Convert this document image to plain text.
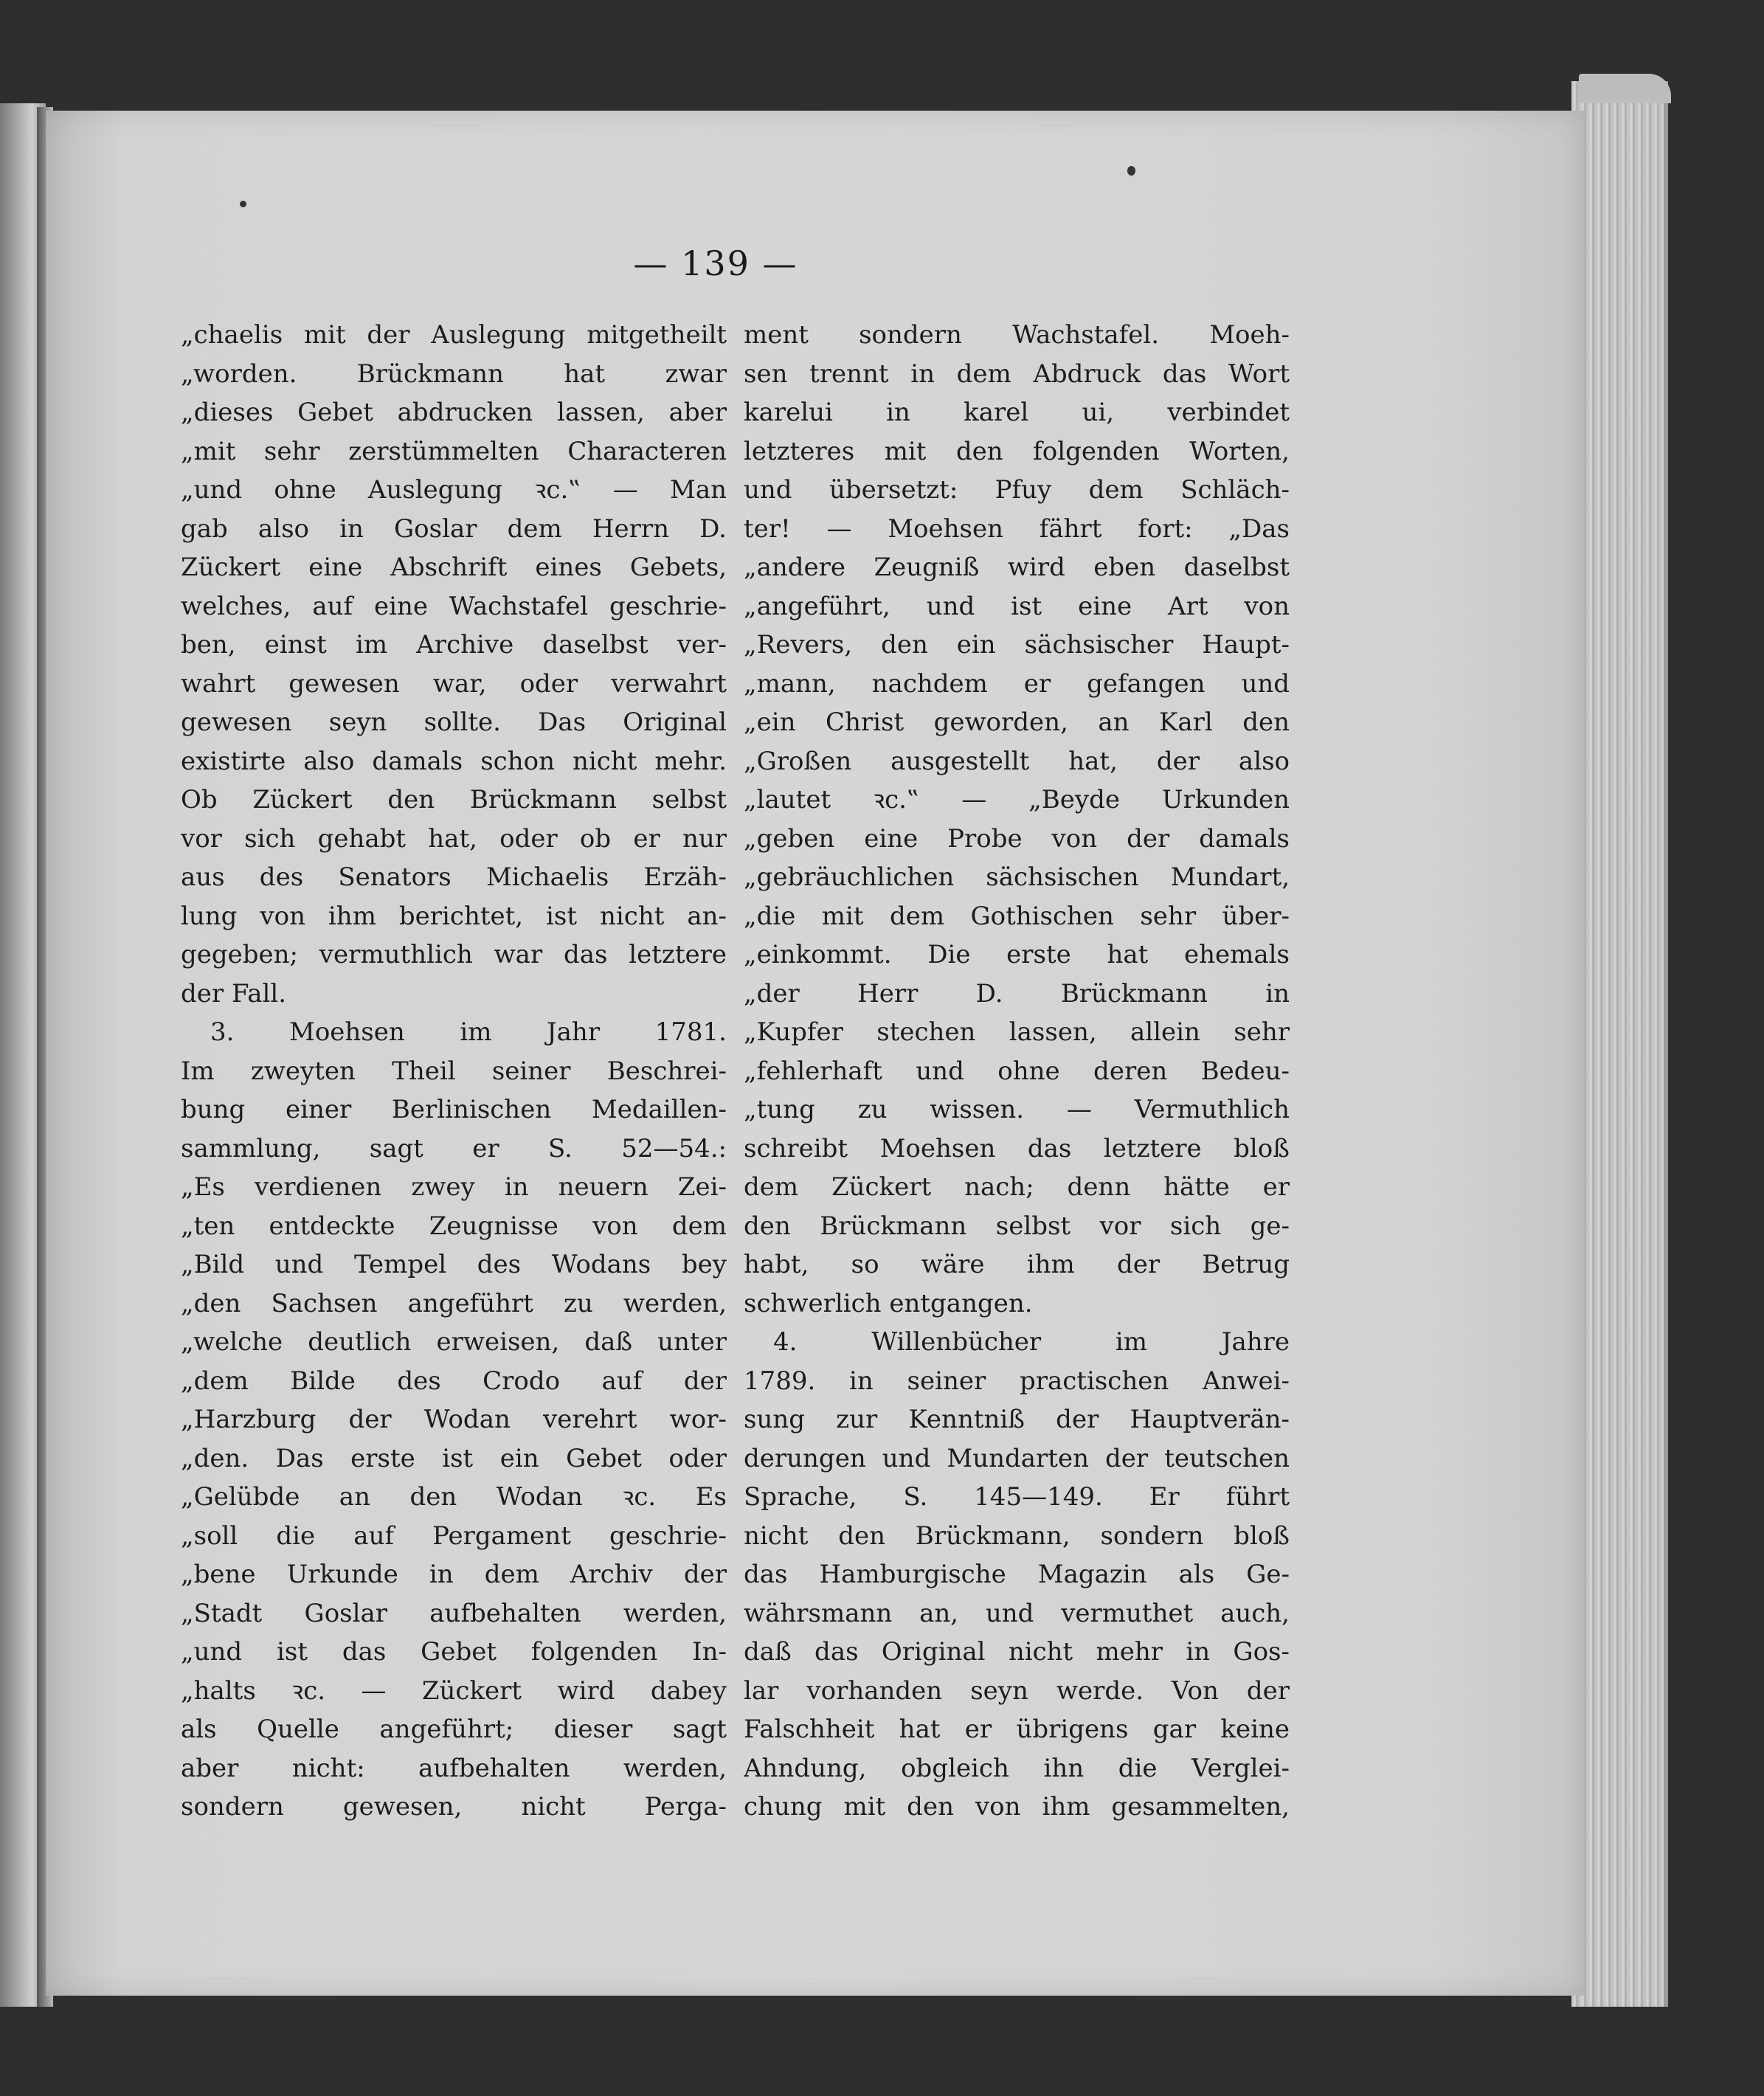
— 139 —
„chaelis mit der Auslegung mitgetheilt
„worden. Brückmann hat zwar
„dieses Gebet abdrucken lassen, aber
„mit sehr zerstümmelten Characteren
„und ohne Auslegung ꝛc.‟ — Man
gab also in Goslar dem Herrn D.
Zückert eine Abschrift eines Gebets,
welches, auf eine Wachstafel geschrie-
ben, einst im Archive daselbst ver-
wahrt gewesen war, oder verwahrt
gewesen seyn sollte. Das Original
existirte also damals schon nicht mehr.
Ob Zückert den Brückmann selbst
vor sich gehabt hat, oder ob er nur
aus des Senators Michaelis Erzäh-
lung von ihm berichtet, ist nicht an-
gegeben; vermuthlich war das letztere
der Fall.
3. Moehsen im Jahr 1781.
Im zweyten Theil seiner Beschrei-
bung einer Berlinischen Medaillen-
sammlung, sagt er S. 52—54.:
„Es verdienen zwey in neuern Zei-
„ten entdeckte Zeugnisse von dem
„Bild und Tempel des Wodans bey
„den Sachsen angeführt zu werden,
„welche deutlich erweisen, daß unter
„dem Bilde des Crodo auf der
„Harzburg der Wodan verehrt wor-
„den. Das erste ist ein Gebet oder
„Gelübde an den Wodan ꝛc. Es
„soll die auf Pergament geschrie-
„bene Urkunde in dem Archiv der
„Stadt Goslar aufbehalten werden,
„und ist das Gebet folgenden In-
„halts ꝛc. — Zückert wird dabey
als Quelle angeführt; dieser sagt
aber nicht: aufbehalten werden,
sondern gewesen, nicht Perga-
ment sondern Wachstafel. Moeh-
sen trennt in dem Abdruck das Wort
karelui in karel ui, verbindet
letzteres mit den folgenden Worten,
und übersetzt: Pfuy dem Schläch-
ter! — Moehsen fährt fort: „Das
„andere Zeugniß wird eben daselbst
„angeführt, und ist eine Art von
„Revers, den ein sächsischer Haupt-
„mann, nachdem er gefangen und
„ein Christ geworden, an Karl den
„Großen ausgestellt hat, der also
„lautet ꝛc.‟ — „Beyde Urkunden
„geben eine Probe von der damals
„gebräuchlichen sächsischen Mundart,
„die mit dem Gothischen sehr über-
„einkommt. Die erste hat ehemals
„der Herr D. Brückmann in
„Kupfer stechen lassen, allein sehr
„fehlerhaft und ohne deren Bedeu-
„tung zu wissen. — Vermuthlich
schreibt Moehsen das letztere bloß
dem Zückert nach; denn hätte er
den Brückmann selbst vor sich ge-
habt, so wäre ihm der Betrug
schwerlich entgangen.
4. Willenbücher im Jahre
1789. in seiner practischen Anwei-
sung zur Kenntniß der Hauptverän-
derungen und Mundarten der teutschen
Sprache, S. 145—149. Er führt
nicht den Brückmann, sondern bloß
das Hamburgische Magazin als Ge-
währsmann an, und vermuthet auch,
daß das Original nicht mehr in Gos-
lar vorhanden seyn werde. Von der
Falschheit hat er übrigens gar keine
Ahndung, obgleich ihn die Verglei-
chung mit den von ihm gesammelten,
